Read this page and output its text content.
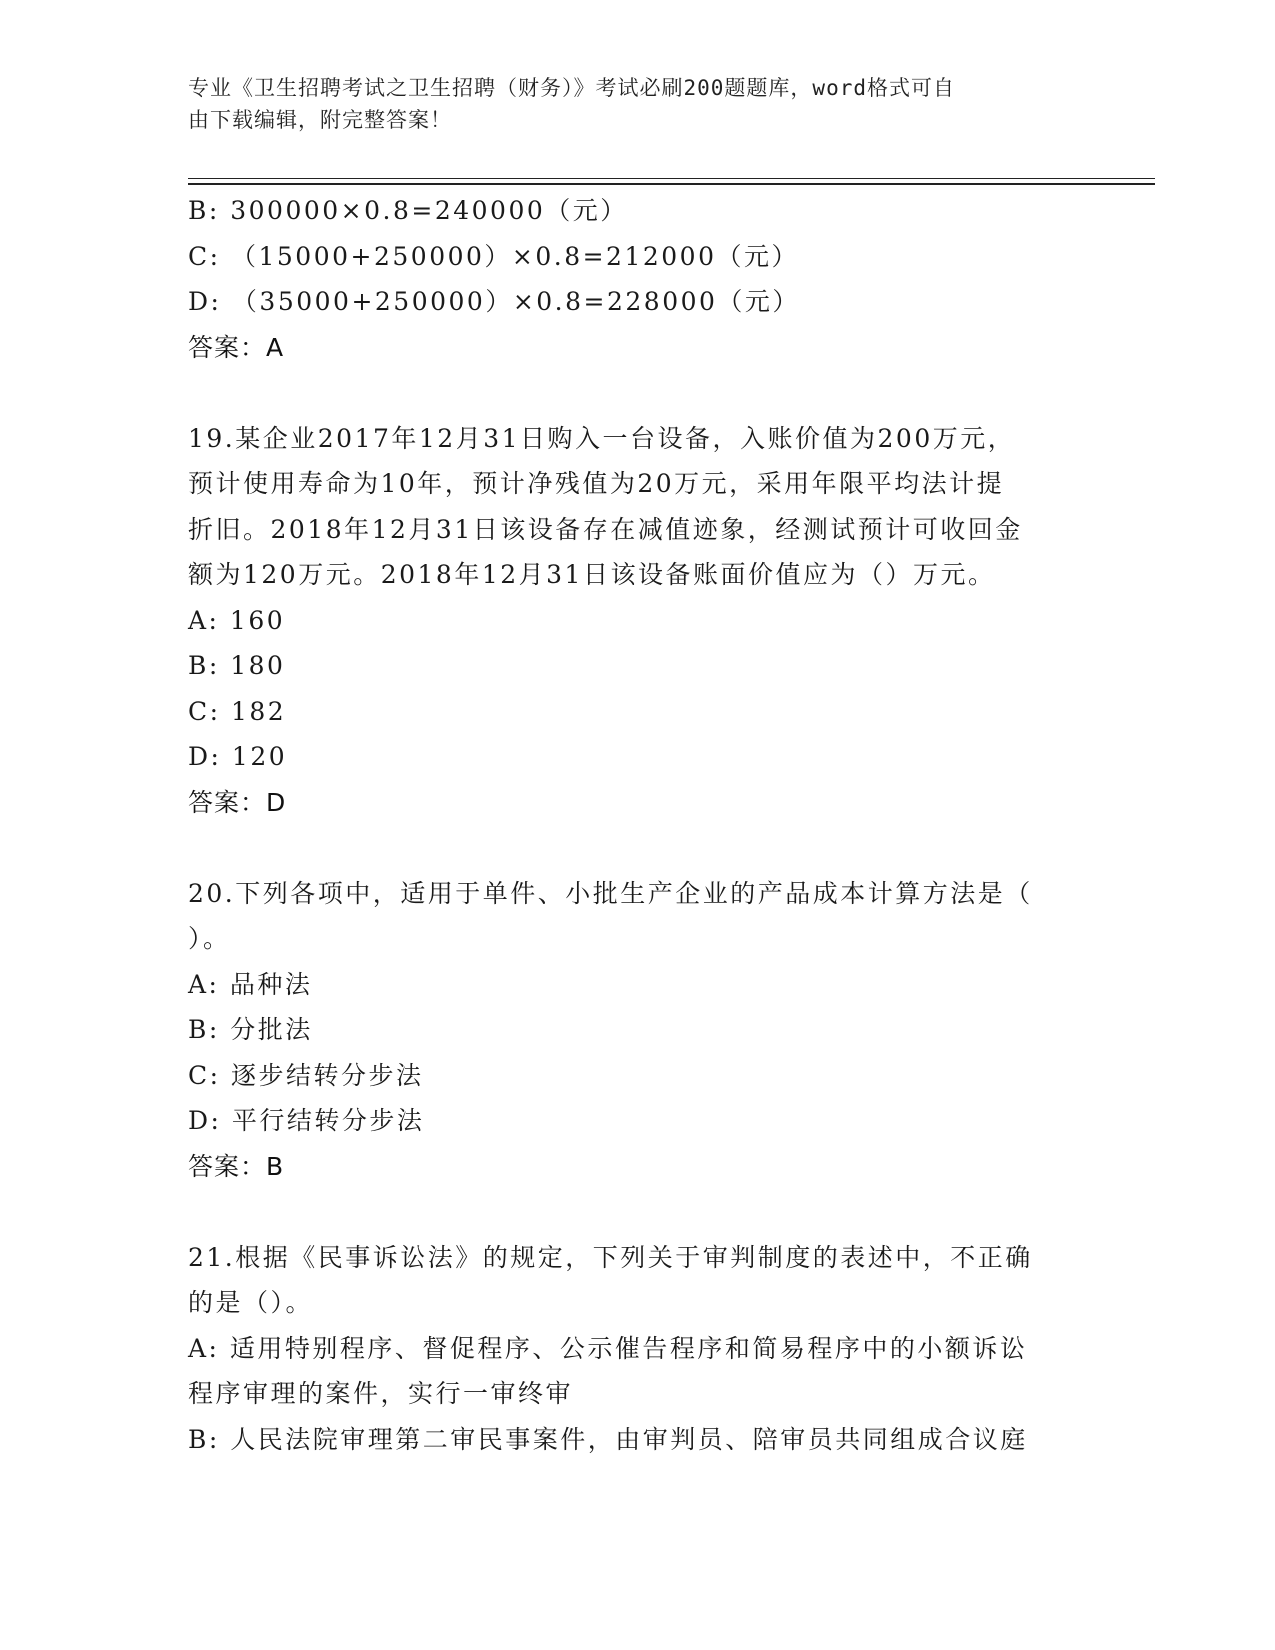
专业《卫生招聘考试之卫生招聘（财务）》考试必刷200题题库，word格式可自
由下载编辑，附完整答案！
B: 300000×0.8=240000（元）
C: （15000+250000）×0.8=212000（元）
D: （35000+250000）×0.8=228000（元）
答案：A
19.某企业2017年12月31日购入一台设备，入账价值为200万元，
预计使用寿命为10年，预计净残值为20万元，采用年限平均法计提
折旧。2018年12月31日该设备存在减值迹象，经测试预计可收回金
额为120万元。2018年12月31日该设备账面价值应为（）万元。
A: 160
B: 180
C: 182
D: 120
答案：D
20.下列各项中，适用于单件、小批生产企业的产品成本计算方法是（
）。
A: 品种法
B: 分批法
C: 逐步结转分步法
D: 平行结转分步法
答案：B
21.根据《民事诉讼法》的规定，下列关于审判制度的表述中，不正确
的是（）。
A: 适用特别程序、督促程序、公示催告程序和简易程序中的小额诉讼
程序审理的案件，实行一审终审
B: 人民法院审理第二审民事案件，由审判员、陪审员共同组成合议庭
